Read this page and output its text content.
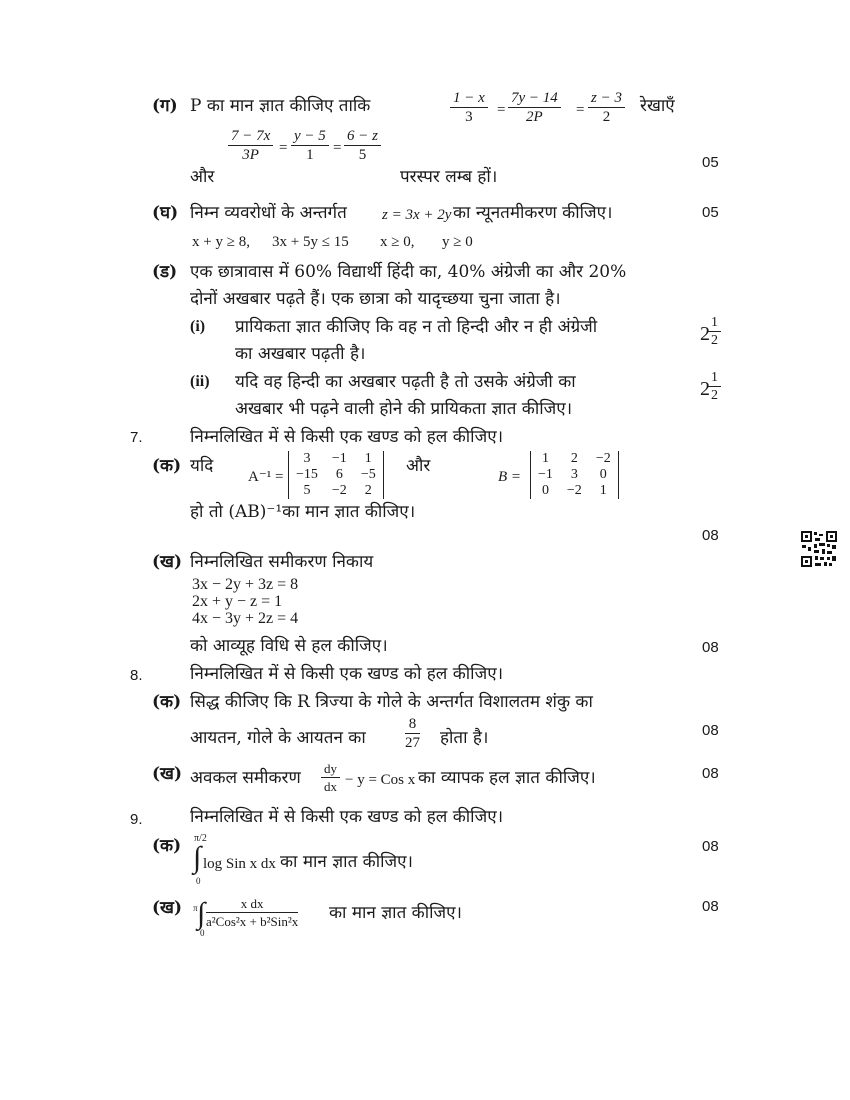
(ग) P का मान ज्ञात कीजिए ताकि	$\frac{1 - x}{3} = \frac{7y - 14}{2P} = \frac{z - 3}{2}$ रेखाएँ
$\frac{7 - 7x}{3P} = \frac{y - 5}{1} = \frac{6 - z}{5}$	05
और	परस्पर लम्ब हों।
(घ) निम्न व्यवरोधों के अन्तर्गत z = 3x + 2y का न्यूनतमीकरण कीजिए।	05
x + y ≥ 8, 3x + 5y ≤ 15 x ≥ 0, y ≥ 0
(ड) एक छात्रावास में 60% विद्यार्थी हिंदी का, 40% अंग्रेजी का और 20%
दोनों अखबार पढ़ते हैं। एक छात्रा को यादृच्छया चुना जाता है।
(i) प्रायिकता ज्ञात कीजिए कि वह न तो हिन्दी और न ही अंग्रेजी
का अखबार पढ़ती है।
2
$\frac{1}{2}$
(ii) यदि वह हिन्दी का अखबार पढ़ती है तो उसके अंग्रेजी का
अखबार भी पढ़ने वाली होने की प्रायिकता ज्ञात कीजिए।
2
$\frac{1}{2}$
7.	निम्नलिखित में से किसी एक खण्ड को हल कीजिए।
(क) यदि
A⁻¹ =
3	−1	1
−15	6	−5
5	−2	2
और
B =
1	2	−2
−1	3	0
0	−2	1
हो तो (AB)⁻¹का मान ज्ञात कीजिए।
08
(ख) निम्नलिखित समीकरण निकाय
3x − 2y + 3z = 8
2x + y − z = 1
4x − 3y + 2z = 4
को आव्यूह विधि से हल कीजिए।	08
8.	निम्नलिखित में से किसी एक खण्ड को हल कीजिए।
(क) सिद्ध कीजिए कि R त्रिज्या के गोले के अन्तर्गत विशालतम शंकु का
आयतन, गोले के आयतन का	$\frac{8}{27}$ होता है।	08
(ख) अवकल समीकरण $\frac{dy}{dx} - y$ = Cos x का व्यापक हल ज्ञात कीजिए।	08
9.	निम्नलिखित में से किसी एक खण्ड को हल कीजिए।
(क) π/2
∫
0
log Sin x dx का मान ज्ञात कीजिए।
08
(ख) π ∫
0
x dx
a²Cos²x + b²Sin²x का मान ज्ञात कीजिए।	08
